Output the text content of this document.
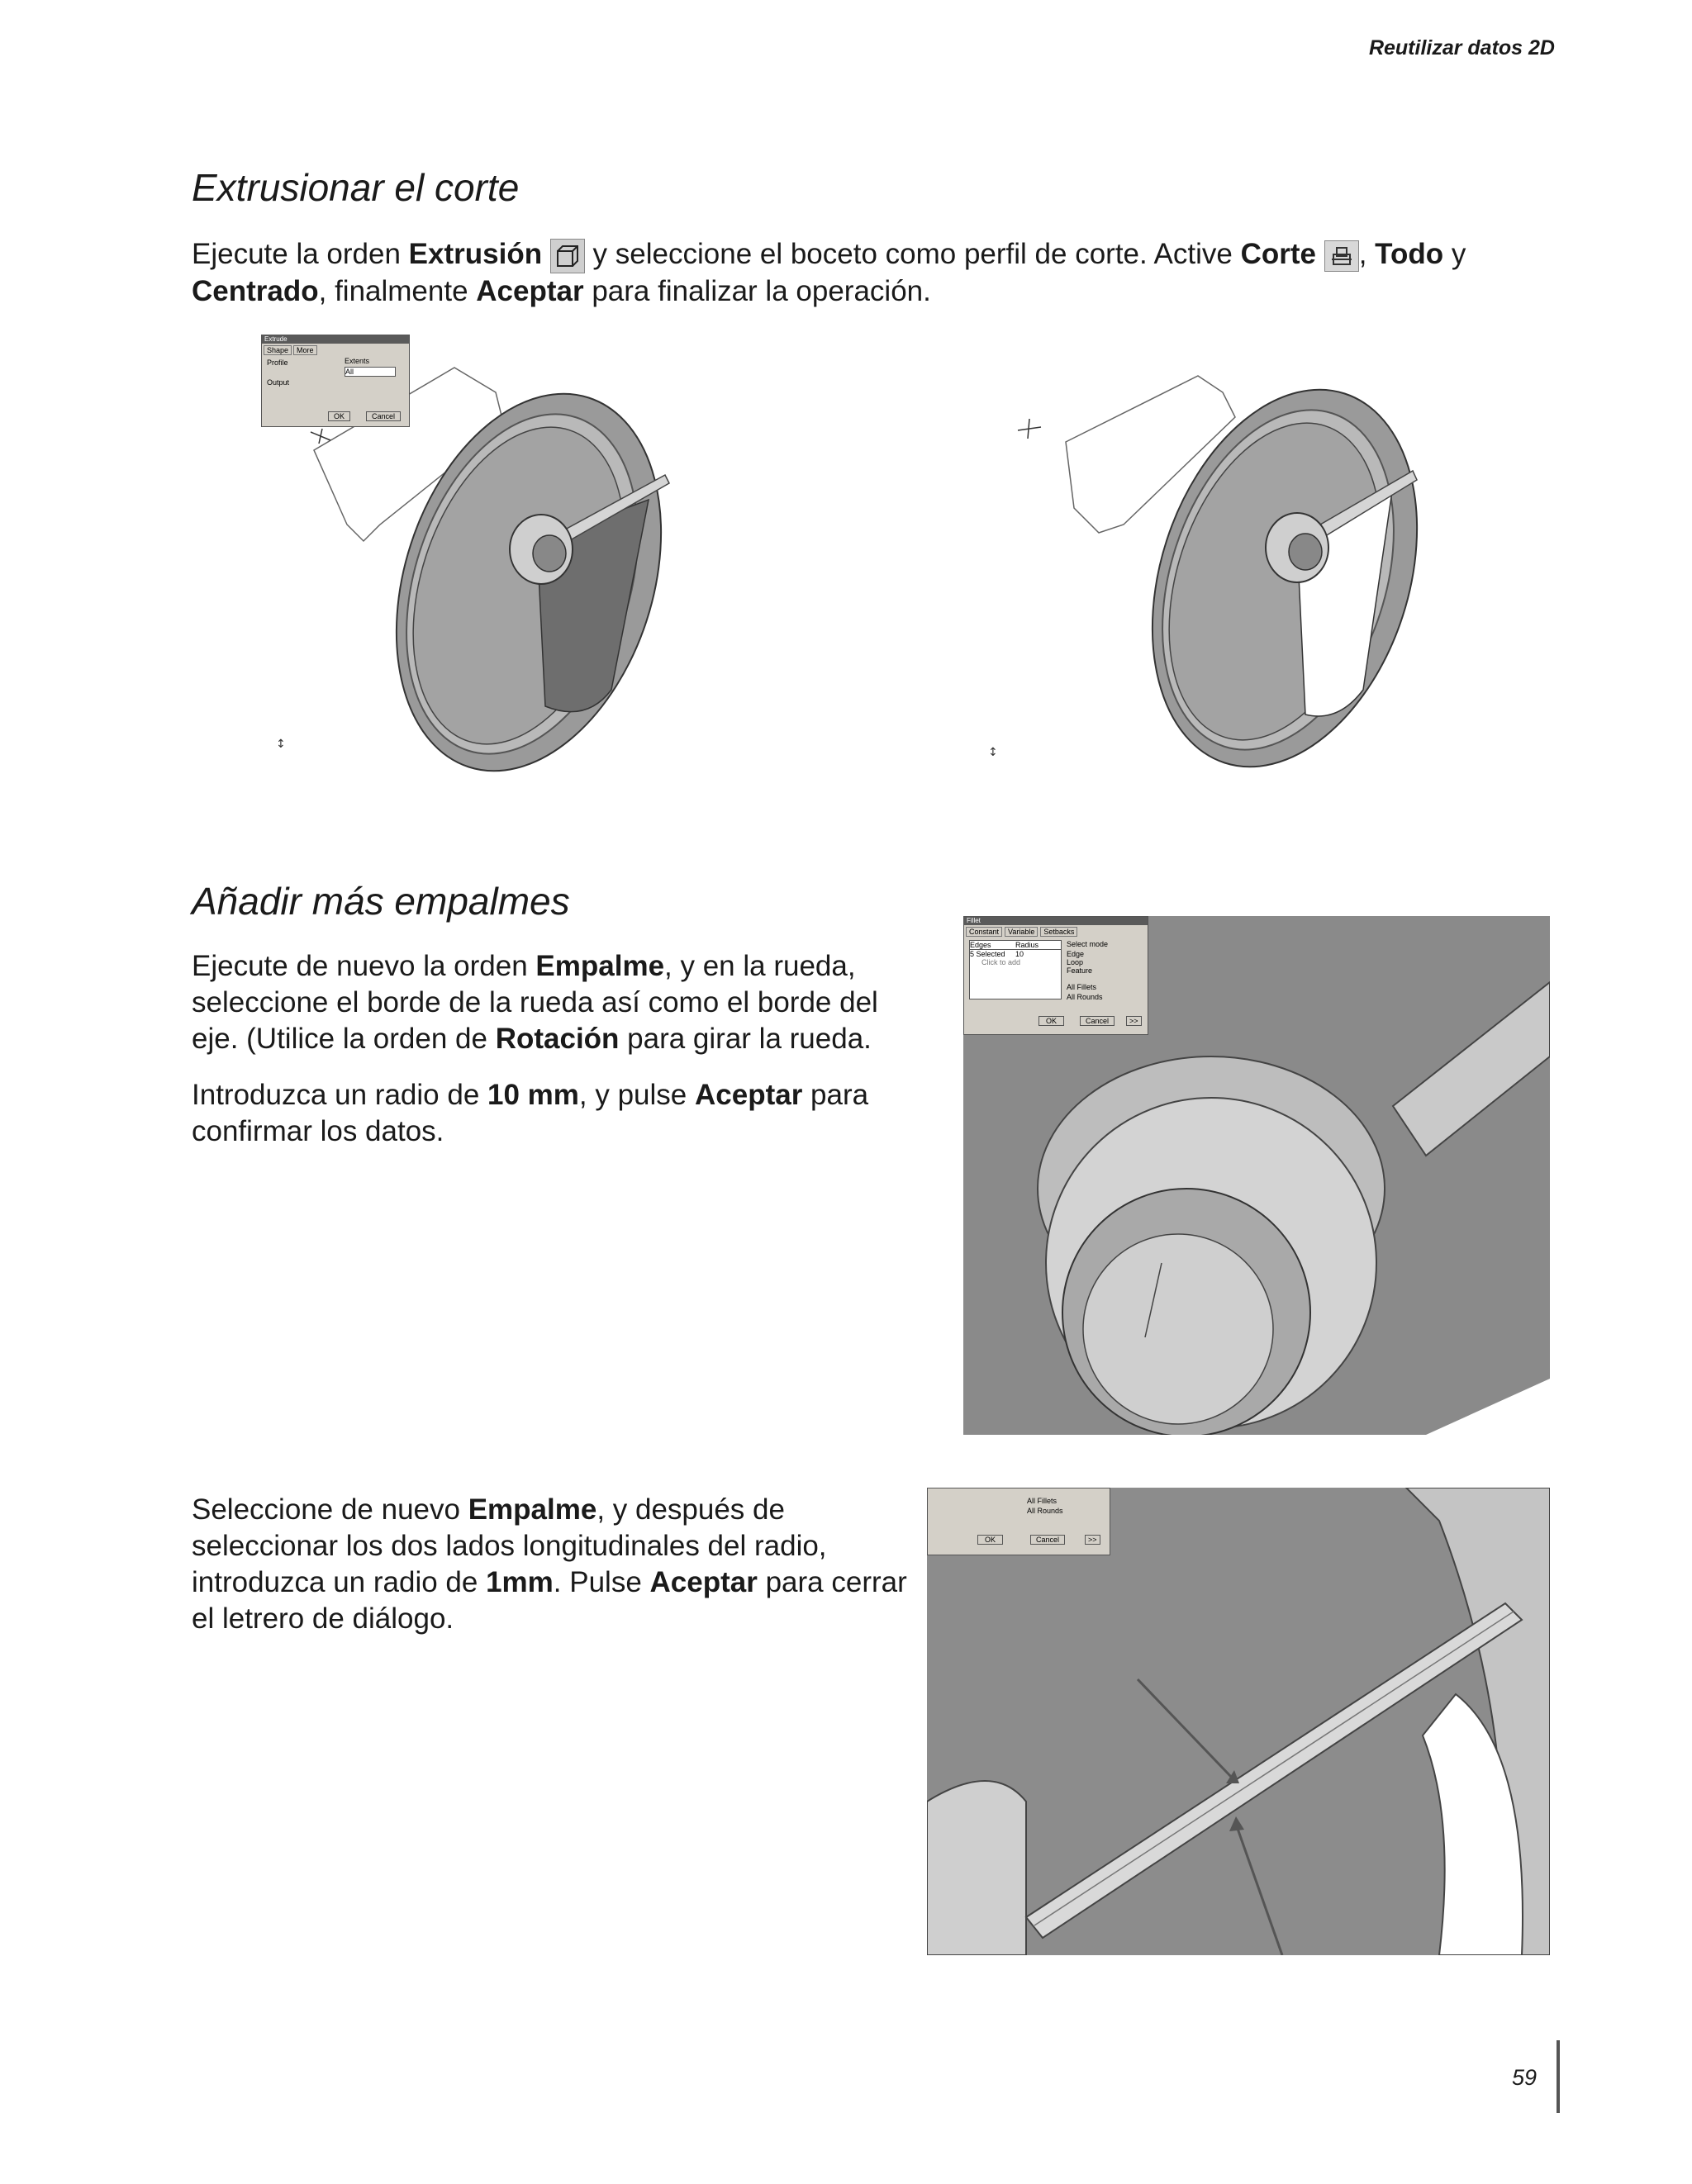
Reutilizar datos 2D
Extrusionar el corte

Ejecute la orden Extrusión  y seleccione el boceto como perfil de corte. Active Corte , Todo y
Centrado, finalmente Aceptar para finalizar la operación.

↕
Extrude
Shape	More
Profile
Output
Extents
All
OK	Cancel
↕
Añadir más empalmes

Ejecute de nuevo la orden Empalme, y en la rueda, seleccione el borde de la rueda así como el borde del eje. (Utilice la orden de Rotación para girar la rueda.

Introduzca un radio de 10 mm, y pulse Aceptar para confirmar los datos.

Fillet
Constant	Variable	Setbacks
Edges	Radius
5 Selected	10
Click to add
Select mode
Edge
Loop
Feature
All Fillets
All Rounds
OK	Cancel	>>

Seleccione de nuevo Empalme, y después de seleccionar los dos lados longitudinales del radio, introduzca un radio de 1mm. Pulse Aceptar para cerrar el letrero de diálogo.

All Fillets
All Rounds
OK	Cancel	>>
59
